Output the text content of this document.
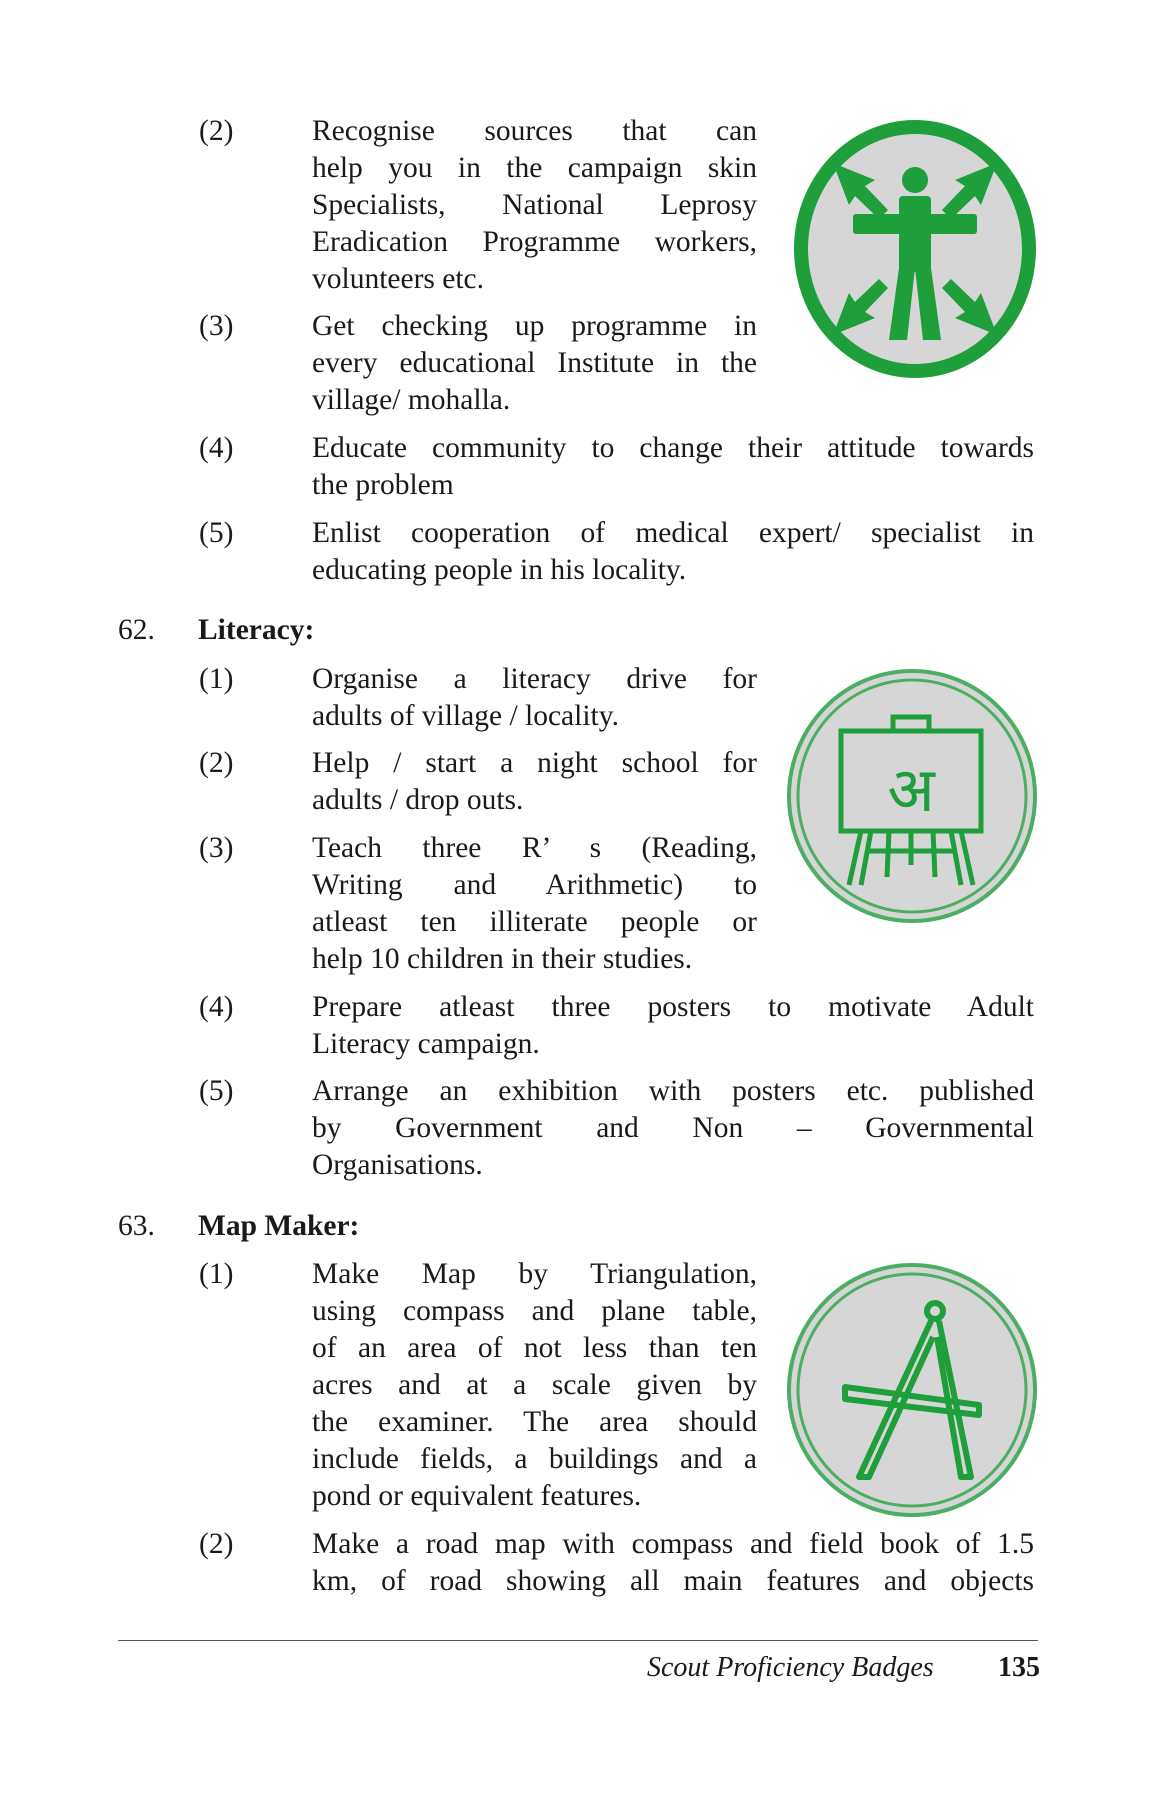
(2)	Recognise sources that can
help you in the campaign skin
Specialists, National Leprosy
Eradication Programme workers,
volunteers etc.
(3)	Get checking up programme in
every educational Institute in the
village/ mohalla.
(4)	Educate community to change their attitude towards
the problem
(5)	Enlist cooperation of medical expert/ specialist in
educating people in his locality.
62. Literacy:
(1)	Organise a literacy drive for
adults of village / locality.
(2)	Help / start a night school for
adults / drop outs.
(3)	Teach three R’ s (Reading,
Writing and Arithmetic) to
atleast ten illiterate people or
help 10 children in their studies.
(4)	Prepare atleast three posters to motivate Adult
Literacy campaign.
(5)	Arrange an exhibition with posters etc. published
by Government and Non – Governmental
Organisations.
अ
63. Map Maker:
(1)	Make Map by Triangulation,
using compass and plane table,
of an area of not less than ten
acres and at a scale given by
the examiner. The area should
include fields, a buildings and a
pond or equivalent features.
(2)	Make a road map with compass and field book of 1.5
km, of road showing all main features and objects
Scout Proficiency Badges	135
